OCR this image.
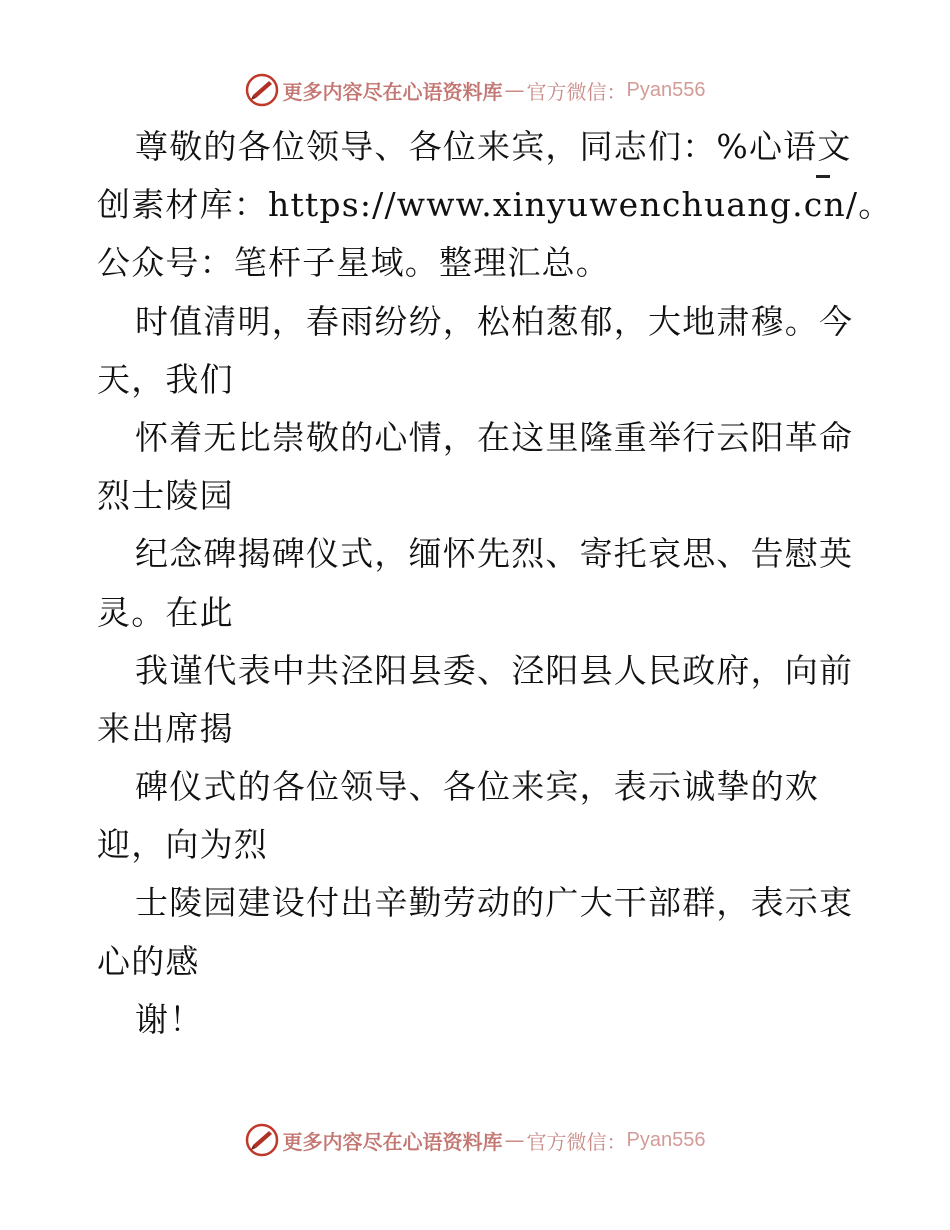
更多内容尽在心语资料库 — 官方微信： Pyan556
尊敬的各位领导、各位来宾，同志们：%心语文
创素材库：https://www.xinyuwenchuang.cn/。
公众号：笔杆子星域。整理汇总。
时值清明，春雨纷纷，松柏葱郁，大地肃穆。今
天，我们
怀着无比崇敬的心情，在这里隆重举行云阳革命
烈士陵园
纪念碑揭碑仪式，缅怀先烈、寄托哀思、告慰英
灵。在此
我谨代表中共泾阳县委、泾阳县人民政府，向前
来出席揭
碑仪式的各位领导、各位来宾，表示诚挚的欢
迎，向为烈
士陵园建设付出辛勤劳动的广大干部群，表示衷
心的感
谢！
更多内容尽在心语资料库 — 官方微信： Pyan556
